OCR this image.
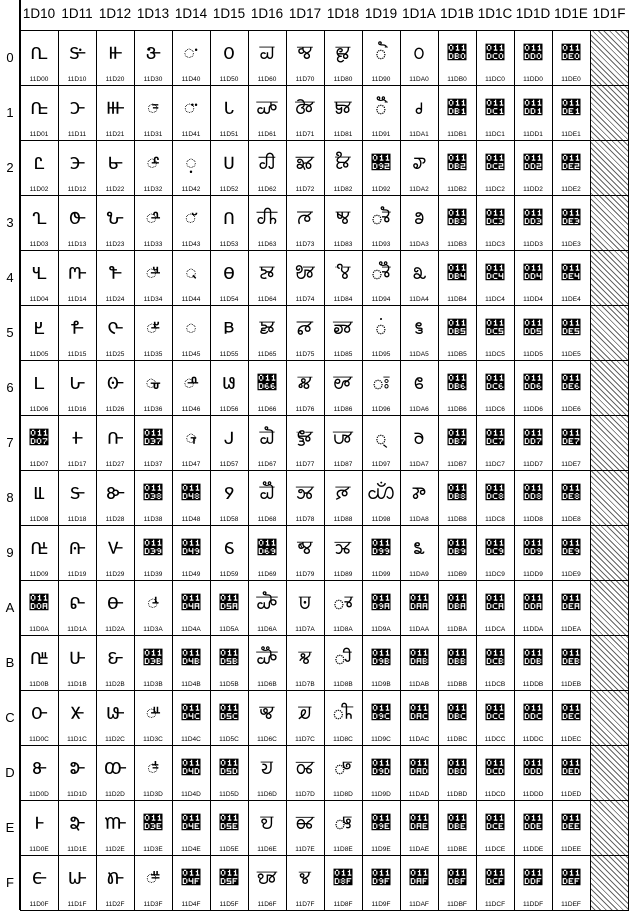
1D10 1D11 1D12 1D13 1D14 1D15 1D16 1D17 1D18 1D19 1D1A 1D1B 1D1C 1D1D 1D1E 1D1F
0
1
2
3
4
5
6
7
8
9
A
B
C
D
E
F
𑴀
11D00
𑴁
11D01
𑴂
11D02
𑴃
11D03
𑴄
11D04
𑴅
11D05
𑴆
11D06
𑴇
11D07
𑴈
11D08
𑴉
11D09
𑴊
11D0A
𑴋
11D0B
𑴌
11D0C
𑴍
11D0D
𑴎
11D0E
𑴏
11D0F
𑴐
11D10
𑴑
11D11
𑴒
11D12
𑴓
11D13
𑴔
11D14
𑴕
11D15
𑴖
11D16
𑴗
11D17
𑴘
11D18
𑴙
11D19
𑴚
11D1A
𑴛
11D1B
𑴜
11D1C
𑴝
11D1D
𑴞
11D1E
𑴟
11D1F
𑴠
11D20
𑴡
11D21
𑴢
11D22
𑴣
11D23
𑴤
11D24
𑴥
11D25
𑴦
11D26
𑴧
11D27
𑴨
11D28
𑴩
11D29
𑴪
11D2A
𑴫
11D2B
𑴬
11D2C
𑴭
11D2D
𑴮
11D2E
𑴯
11D2F
𑴰
11D30
𑴱
11D31
𑴲
11D32
𑴳
11D33
𑴴
11D34
𑴵
11D35
𑴶
11D36
𑴷
11D37
𑴸
11D38
𑴹
11D39
𑴺
11D3A
𑴻
11D3B
𑴼
11D3C
𑴽
11D3D
𑴾
11D3E
𑴿
11D3F
𑵀
11D40
𑵁
11D41
𑵂
11D42
𑵃
11D43
𑵄
11D44
𑵅
11D45
𑵆
11D46
𑵇
11D47
𑵈
11D48
𑵉
11D49
𑵊
11D4A
𑵋
11D4B
𑵌
11D4C
𑵍
11D4D
𑵎
11D4E
𑵏
11D4F
𑵐
11D50
𑵑
11D51
𑵒
11D52
𑵓
11D53
𑵔
11D54
𑵕
11D55
𑵖
11D56
𑵗
11D57
𑵘
11D58
𑵙
11D59
𑵚
11D5A
𑵛
11D5B
𑵜
11D5C
𑵝
11D5D
𑵞
11D5E
𑵟
11D5F
𑵠
11D60
𑵡
11D61
𑵢
11D62
𑵣
11D63
𑵤
11D64
𑵥
11D65
𑵦
11D66
𑵧
11D67
𑵨
11D68
𑵩
11D69
𑵪
11D6A
𑵫
11D6B
𑵬
11D6C
𑵭
11D6D
𑵮
11D6E
𑵯
11D6F
𑵰
11D70
𑵱
11D71
𑵲
11D72
𑵳
11D73
𑵴
11D74
𑵵
11D75
𑵶
11D76
𑵷
11D77
𑵸
11D78
𑵹
11D79
𑵺
11D7A
𑵻
11D7B
𑵼
11D7C
𑵽
11D7D
𑵾
11D7E
𑵿
11D7F
𑶀
11D80
𑶁
11D81
𑶂
11D82
𑶃
11D83
𑶄
11D84
𑶅
11D85
𑶆
11D86
𑶇
11D87
𑶈
11D88
𑶉
11D89
𑶊
11D8A
𑶋
11D8B
𑶌
11D8C
𑶍
11D8D
𑶎
11D8E
𑶏
11D8F
𑶐
11D90
𑶑
11D91
𑶒
11D92
𑶓
11D93
𑶔
11D94
𑶕
11D95
𑶖
11D96
𑶗
11D97
𑶘
11D98
𑶙
11D99
𑶚
11D9A
𑶛
11D9B
𑶜
11D9C
𑶝
11D9D
𑶞
11D9E
𑶟
11D9F
𑶠
11DA0
𑶡
11DA1
𑶢
11DA2
𑶣
11DA3
𑶤
11DA4
𑶥
11DA5
𑶦
11DA6
𑶧
11DA7
𑶨
11DA8
𑶩
11DA9
𑶪
11DAA
𑶫
11DAB
𑶬
11DAC
𑶭
11DAD
𑶮
11DAE
𑶯
11DAF
𑶰
11DB0
𑶱
11DB1
𑶲
11DB2
𑶳
11DB3
𑶴
11DB4
𑶵
11DB5
𑶶
11DB6
𑶷
11DB7
𑶸
11DB8
𑶹
11DB9
𑶺
11DBA
𑶻
11DBB
𑶼
11DBC
𑶽
11DBD
𑶾
11DBE
𑶿
11DBF
𑷀
11DC0
𑷁
11DC1
𑷂
11DC2
𑷃
11DC3
𑷄
11DC4
𑷅
11DC5
𑷆
11DC6
𑷇
11DC7
𑷈
11DC8
𑷉
11DC9
𑷊
11DCA
𑷋
11DCB
𑷌
11DCC
𑷍
11DCD
𑷎
11DCE
𑷏
11DCF
𑷐
11DD0
𑷑
11DD1
𑷒
11DD2
𑷓
11DD3
𑷔
11DD4
𑷕
11DD5
𑷖
11DD6
𑷗
11DD7
𑷘
11DD8
𑷙
11DD9
𑷚
11DDA
𑷛
11DDB
𑷜
11DDC
𑷝
11DDD
𑷞
11DDE
𑷟
11DDF
𑷠
11DE0
𑷡
11DE1
𑷢
11DE2
𑷣
11DE3
𑷤
11DE4
𑷥
11DE5
𑷦
11DE6
𑷧
11DE7
𑷨
11DE8
𑷩
11DE9
𑷪
11DEA
𑷫
11DEB
𑷬
11DEC
𑷭
11DED
𑷮
11DEE
𑷯
11DEF
